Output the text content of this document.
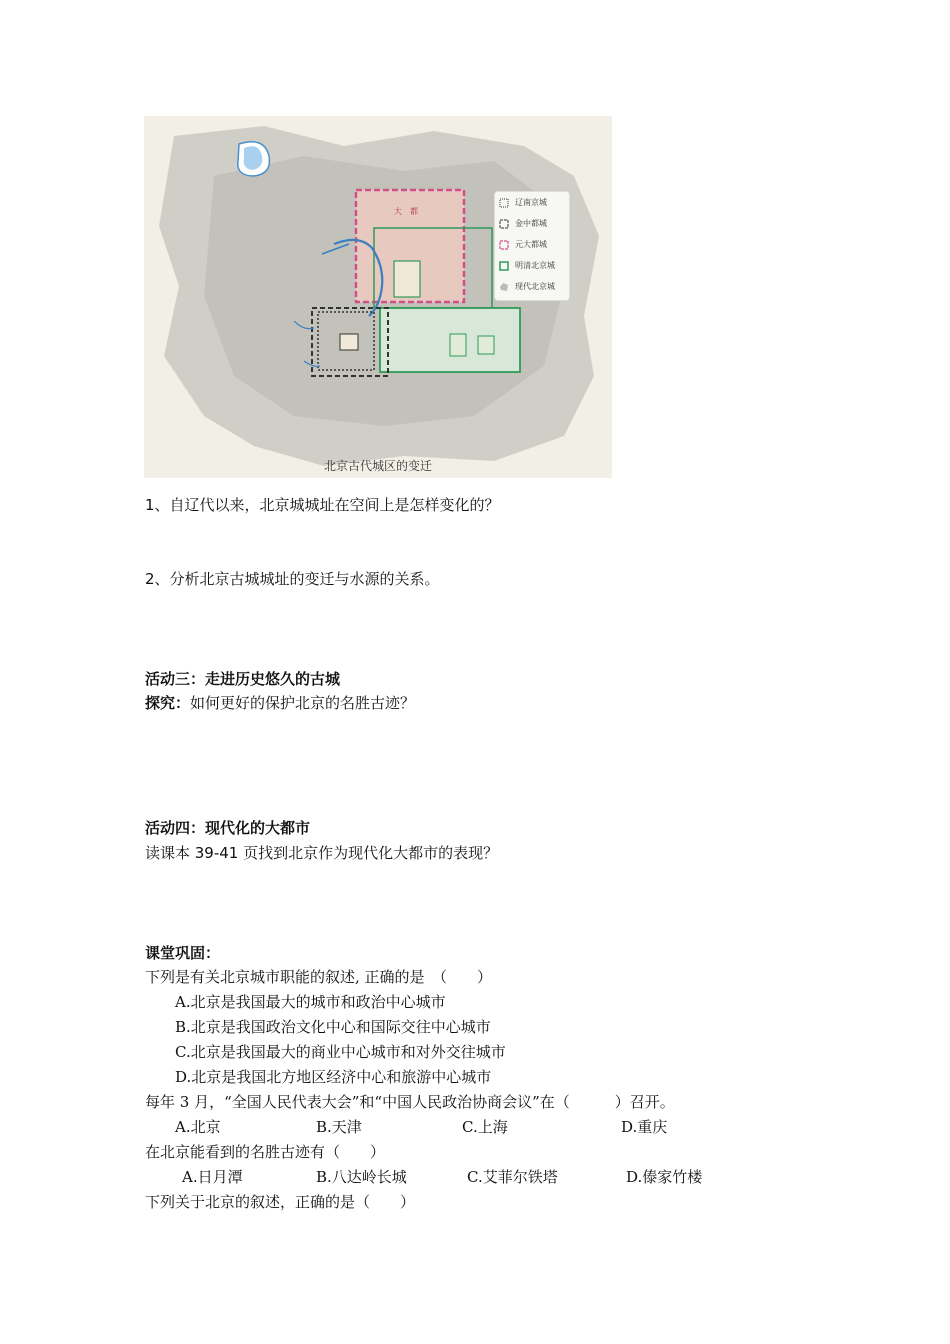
大　都
辽南京城
金中都城
元大都城
明清北京城
现代北京城
北京古代城区的变迁
1、自辽代以来，北京城城址在空间上是怎样变化的？
2、分析北京古城城址的变迁与水源的关系。
活动三：走进历史悠久的古城
探究：如何更好的保护北京的名胜古迹？
活动四：现代化的大都市
读课本 39-41 页找到北京作为现代化大都市的表现？
课堂巩固：
下列是有关北京城市职能的叙述, 正确的是　（　　）
A.北京是我国最大的城市和政治中心城市
B.北京是我国政治文化中心和国际交往中心城市
C.北京是我国最大的商业中心城市和对外交往城市
D.北京是我国北方地区经济中心和旅游中心城市
每年 3 月，“全国人民代表大会”和“中国人民政治协商会议”在（　　　）召开。
A.北京	B.天津	C.上海	D.重庆
在北京能看到的名胜古迹有（　　）
A.日月潭	B.八达岭长城	C.艾菲尔铁塔	D.傣家竹楼
下列关于北京的叙述，正确的是（　　）
